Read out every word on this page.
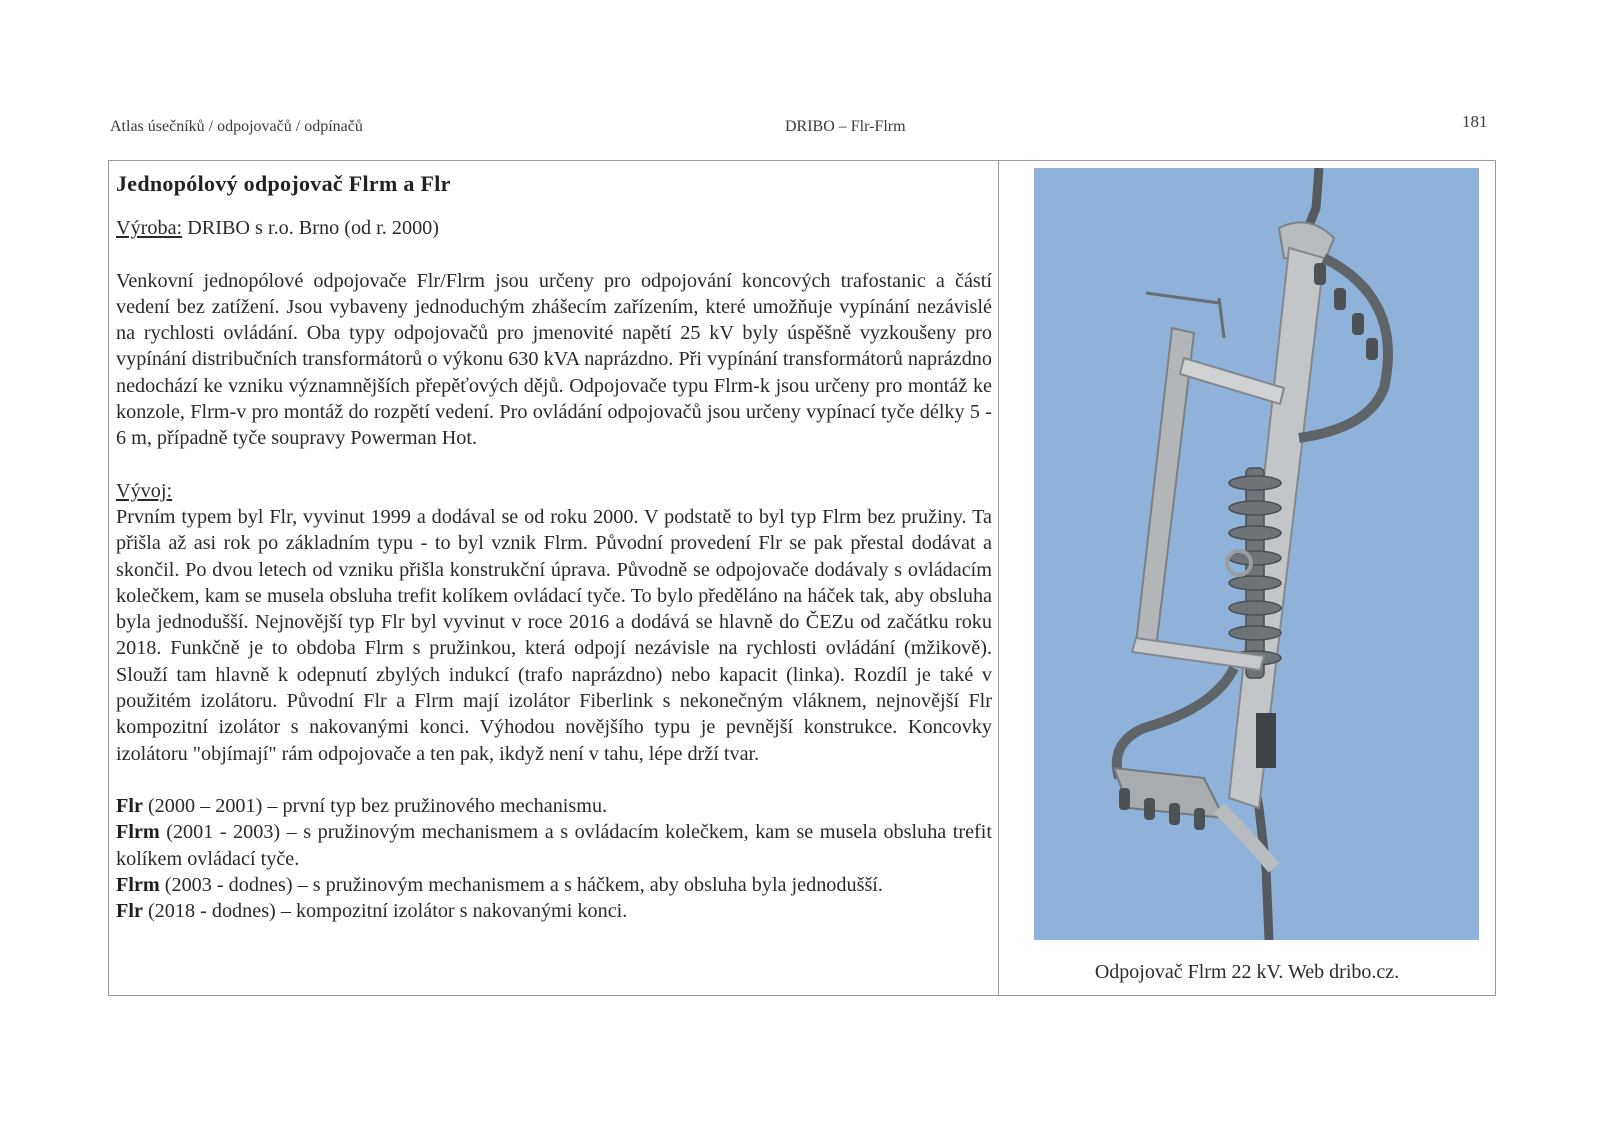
Atlas úsečníků / odpojovačů / odpínačů	DRIBO – Flr-Flrm	181
Jednopólový odpojovač Flrm a Flr

Výroba: DRIBO s r.o. Brno (od r. 2000)

Venkovní jednopólové odpojovače Flr/Flrm jsou určeny pro odpojování koncových trafostanic a částí vedení bez zatížení. Jsou vybaveny jednoduchým zhášecím zařízením, které umožňuje vypínání nezávislé na rychlosti ovládání. Oba typy odpojovačů pro jmenovité napětí 25 kV byly úspěšně vyzkoušeny pro vypínání distribučních transformátorů o výkonu 630 kVA naprázdno. Při vypínání transformátorů naprázdno nedochází ke vzniku významnějších přepěťových dějů. Odpojovače typu Flrm-k jsou určeny pro montáž ke konzole, Flrm-v pro montáž do rozpětí vedení. Pro ovládání odpojovačů jsou určeny vypínací tyče délky 5 - 6 m, případně tyče soupravy Powerman Hot.

Vývoj:

Prvním typem byl Flr, vyvinut 1999 a dodával se od roku 2000. V podstatě to byl typ Flrm bez pružiny. Ta přišla až asi rok po základním typu - to byl vznik Flrm. Původní provedení Flr se pak přestal dodávat a skončil. Po dvou letech od vzniku přišla konstrukční úprava. Původně se odpojovače dodávaly s ovládacím kolečkem, kam se musela obsluha trefit kolíkem ovládací tyče. To bylo předěláno na háček tak, aby obsluha byla jednodušší. Nejnovější typ Flr byl vyvinut v roce 2016 a dodává se hlavně do ČEZu od začátku roku 2018. Funkčně je to obdoba Flrm s pružinkou, která odpojí nezávisle na rychlosti ovládání (mžikově). Slouží tam hlavně k odepnutí zbylých indukcí (trafo naprázdno) nebo kapacit (linka). Rozdíl je také v použitém izolátoru. Původní Flr a Flrm mají izolátor Fiberlink s nekonečným vláknem, nejnovější Flr kompozitní izolátor s nakovanými konci. Výhodou novějšího typu je pevnější konstrukce. Koncovky izolátoru "objímají" rám odpojovače a ten pak, ikdyž není v tahu, lépe drží tvar.

Flr (2000 – 2001) – první typ bez pružinového mechanismu.

Flrm (2001 - 2003) – s pružinovým mechanismem a s ovládacím kolečkem, kam se musela obsluha trefit kolíkem ovládací tyče.

Flrm (2003 - dodnes) – s pružinovým mechanismem a s háčkem, aby obsluha byla jednodušší.

Flr (2018 - dodnes) – kompozitní izolátor s nakovanými konci.

Odpojovač Flrm 22 kV. Web dribo.cz.
